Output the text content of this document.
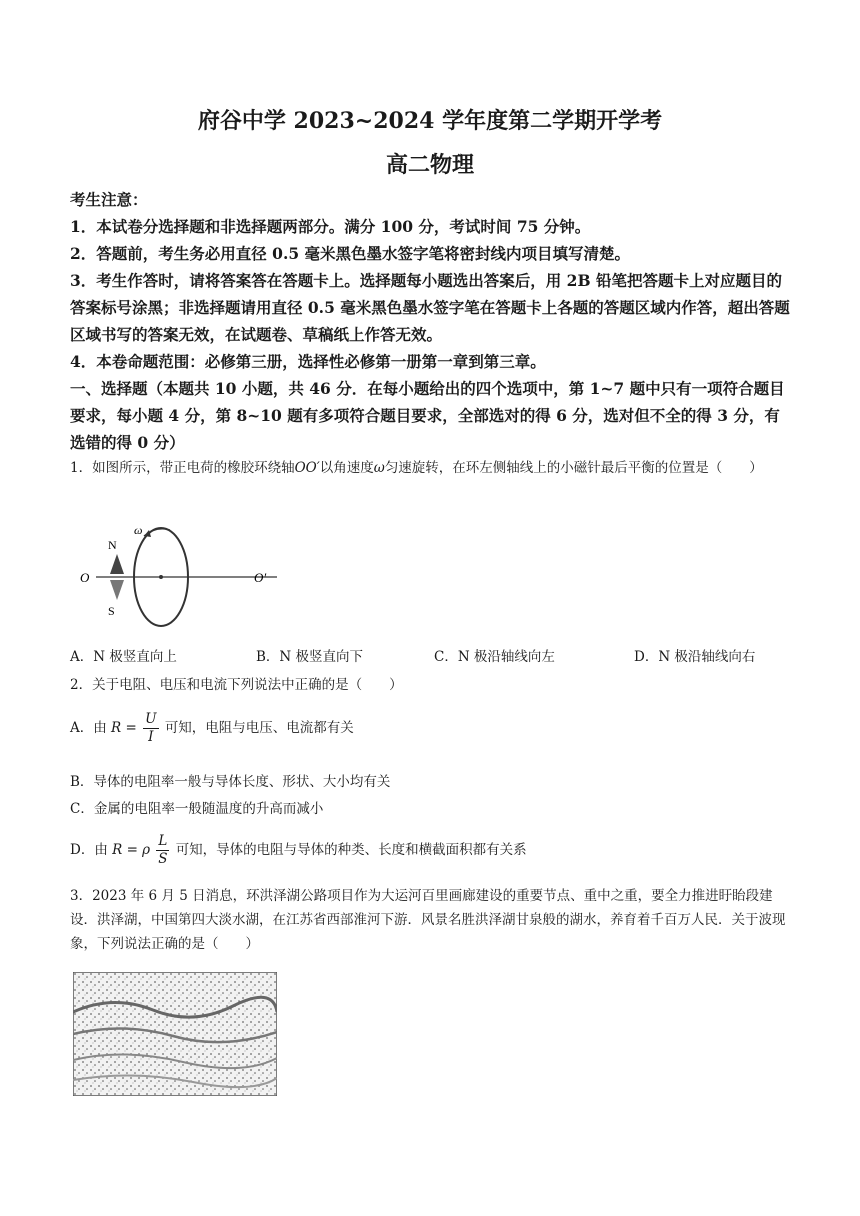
府谷中学 2023~2024 学年度第二学期开学考
高二物理
考生注意：

1．本试卷分选择题和非选择题两部分。满分 100 分，考试时间 75 分钟。

2．答题前，考生务必用直径 0.5 毫米黑色墨水签字笔将密封线内项目填写清楚。

3．考生作答时，请将答案答在答题卡上。选择题每小题选出答案后，用 2B 铅笔把答题卡上对应题目的答案标号涂黑；非选择题请用直径 0.5 毫米黑色墨水签字笔在答题卡上各题的答题区域内作答，超出答题区域书写的答案无效，在试题卷、草稿纸上作答无效。

4．本卷命题范围：必修第三册，选择性必修第一册第一章到第三章。

一、选择题（本题共 10 小题，共 46 分．在每小题给出的四个选项中，第 1~7 题中只有一项符合题目要求，每小题 4 分，第 8~10 题有多项符合题目要求，全部选对的得 6 分，选对但不全的得 3 分，有选错的得 0 分）
1．如图所示，带正电荷的橡胶环绕轴OO′以角速度ω匀速旋转，在环左侧轴线上的小磁针最后平衡的位置是（　　）
N
S
O	O′
ω
A．N 极竖直向上	B．N 极竖直向下	C．N 极沿轴线向左	D．N 极沿轴线向右
2．关于电阻、电压和电流下列说法中正确的是（　　）
A．由 $R = \frac{U}{I}$ 可知，电阻与电压、电流都有关
B．导体的电阻率一般与导体长度、形状、大小均有关
C．金属的电阻率一般随温度的升高而减小
D．由 R = ρ $\frac{L}{S}$ 可知，导体的电阻与导体的种类、长度和横截面积都有关系
3．2023 年 6 月 5 日消息，环洪泽湖公路项目作为大运河百里画廊建设的重要节点、重中之重，要全力推进盱眙段建设．洪泽湖，中国第四大淡水湖，在江苏省西部淮河下游．风景名胜洪泽湖甘泉般的湖水，养育着千百万人民．关于波现象，下列说法正确的是（　　）
